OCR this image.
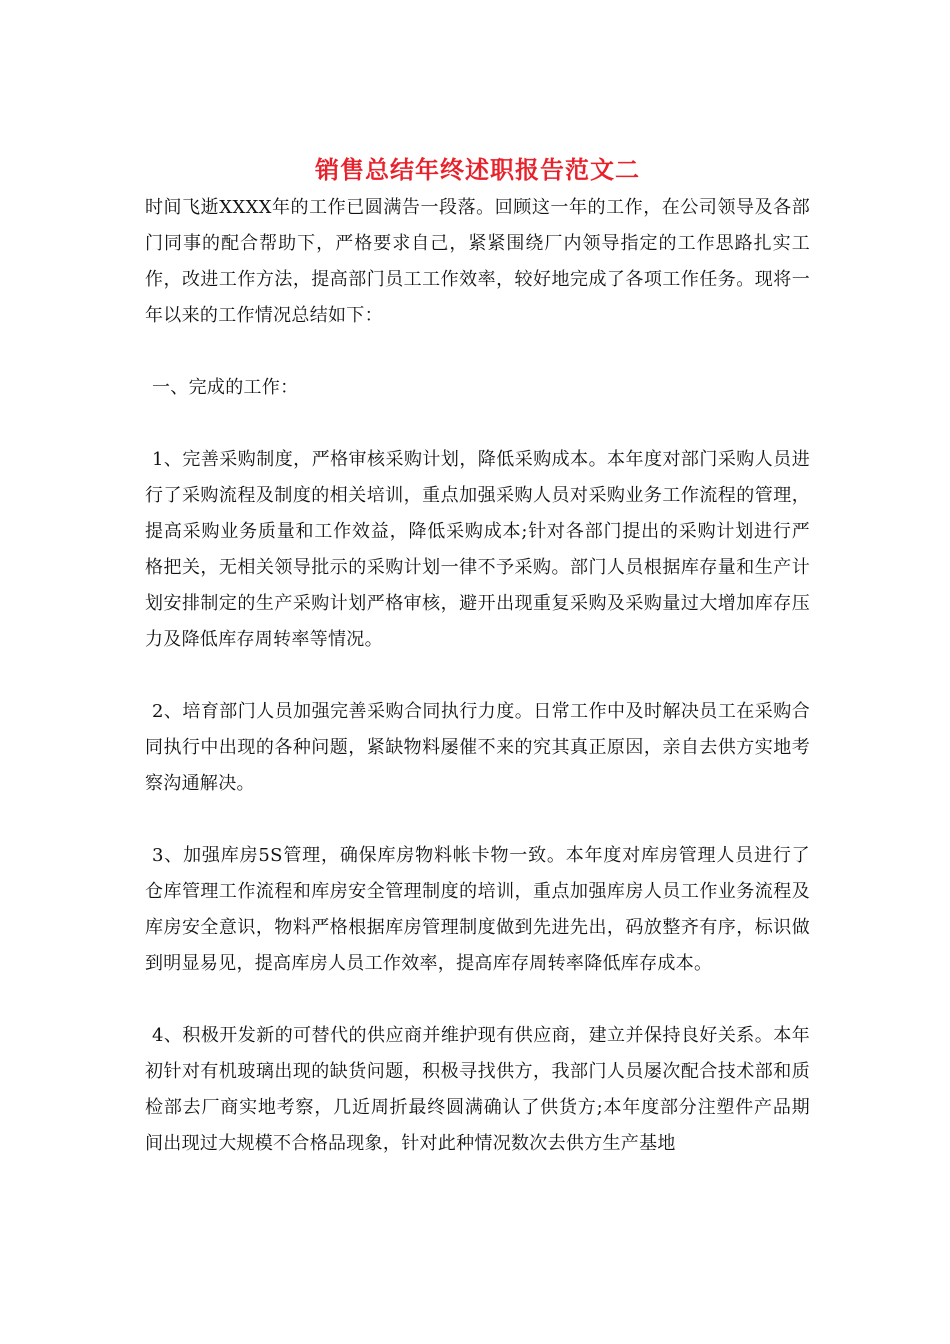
销售总结年终述职报告范文二

时间飞逝XXXX年的工作已圆满告一段落。回顾这一年的工作，在公司领导及各部门同事的配合帮助下，严格要求自己，紧紧围绕厂内领导指定的工作思路扎实工作，改进工作方法，提高部门员工工作效率，较好地完成了各项工作任务。现将一年以来的工作情况总结如下：

一、完成的工作：

1、完善采购制度，严格审核采购计划，降低采购成本。本年度对部门采购人员进行了采购流程及制度的相关培训，重点加强采购人员对采购业务工作流程的管理，提高采购业务质量和工作效益，降低采购成本;针对各部门提出的采购计划进行严格把关，无相关领导批示的采购计划一律不予采购。部门人员根据库存量和生产计划安排制定的生产采购计划严格审核，避开出现重复采购及采购量过大增加库存压力及降低库存周转率等情况。

2、培育部门人员加强完善采购合同执行力度。日常工作中及时解决员工在采购合同执行中出现的各种问题，紧缺物料屡催不来的究其真正原因，亲自去供方实地考察沟通解决。

3、加强库房5S管理，确保库房物料帐卡物一致。本年度对库房管理人员进行了仓库管理工作流程和库房安全管理制度的培训，重点加强库房人员工作业务流程及库房安全意识，物料严格根据库房管理制度做到先进先出，码放整齐有序，标识做到明显易见，提高库房人员工作效率，提高库存周转率降低库存成本。

4、积极开发新的可替代的供应商并维护现有供应商，建立并保持良好关系。本年初针对有机玻璃出现的缺货问题，积极寻找供方，我部门人员屡次配合技术部和质检部去厂商实地考察，几近周折最终圆满确认了供货方;本年度部分注塑件产品期间出现过大规模不合格品现象，针对此种情况数次去供方生产基地
